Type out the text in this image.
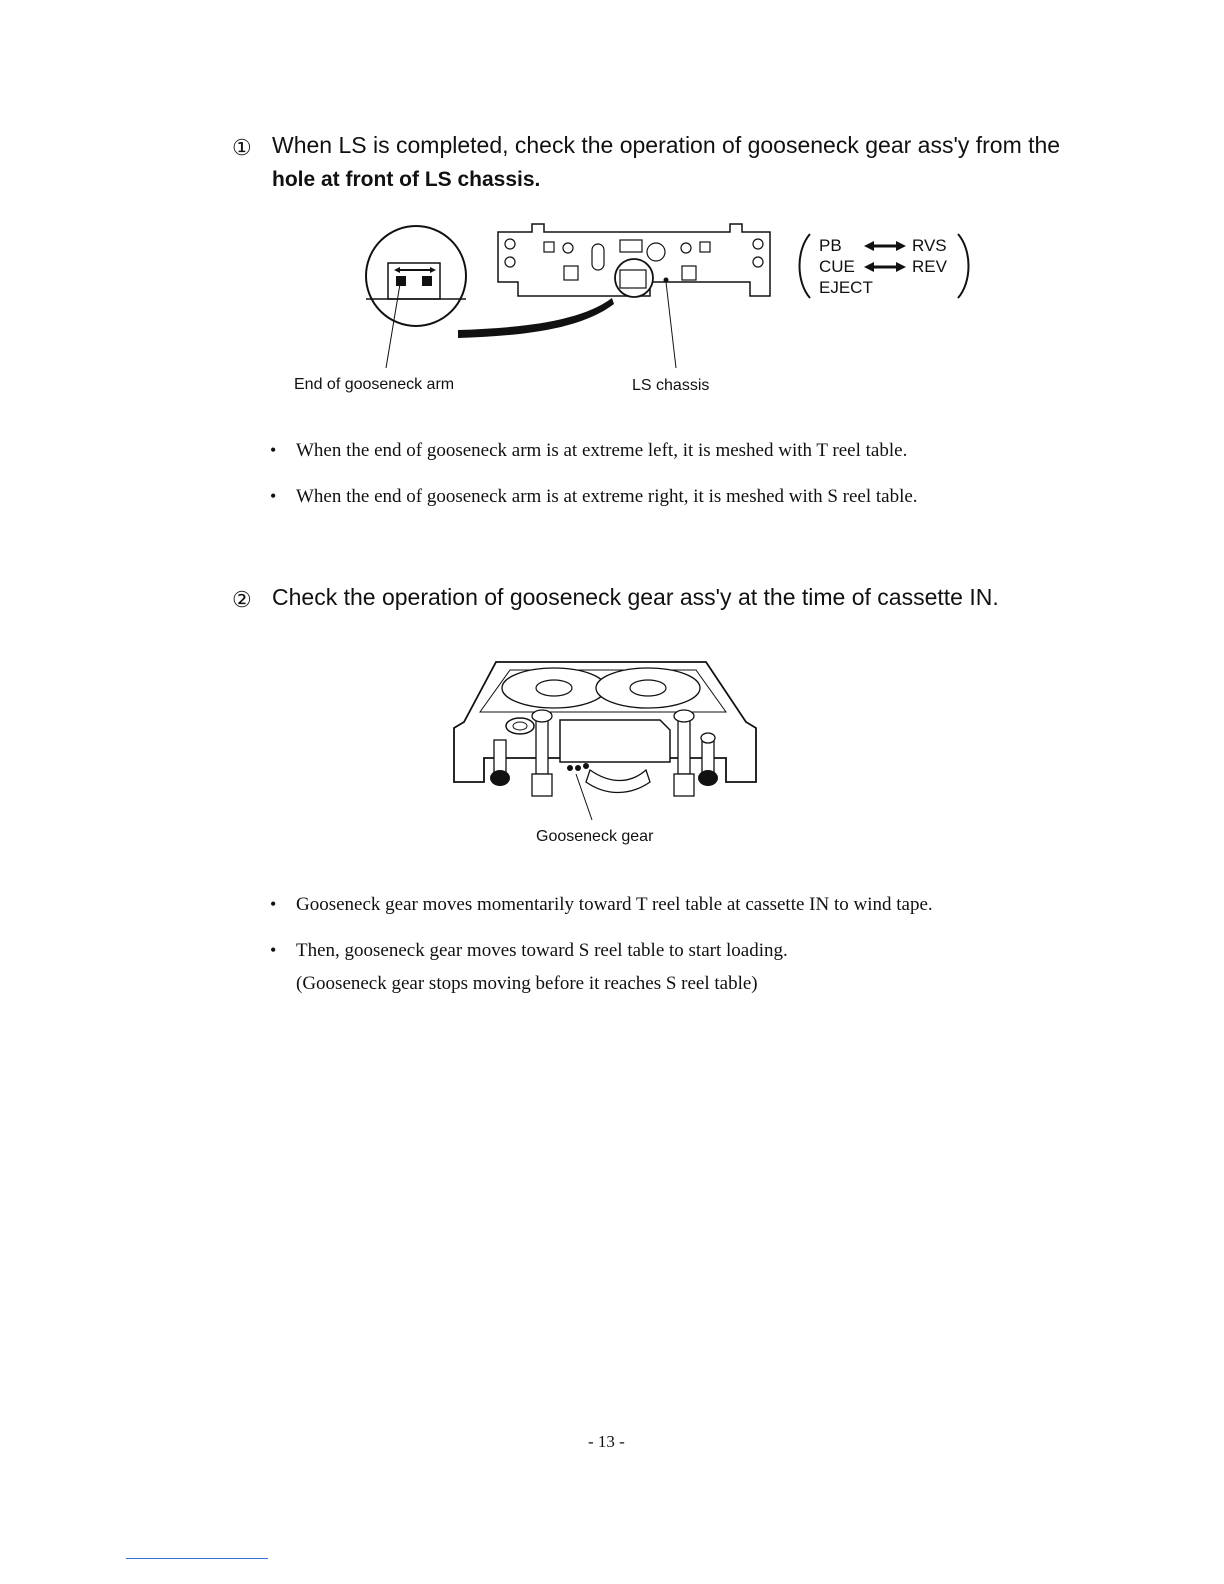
① When LS is completed, check the operation of gooseneck gear ass'y from the
hole at front of LS chassis.
End of gooseneck arm	LS chassis
PB	RVS
CUE	REV
EJECT
• When the end of gooseneck arm is at extreme left, it is meshed with T reel table.
• When the end of gooseneck arm is at extreme right, it is meshed with S reel table.
② Check the operation of gooseneck gear ass'y at the time of cassette IN.
Gooseneck gear
• Gooseneck gear moves momentarily toward T reel table at cassette IN to wind tape.
• Then, gooseneck gear moves toward S reel table to start loading.
(Gooseneck gear stops moving before it reaches S reel table)
- 13 -
